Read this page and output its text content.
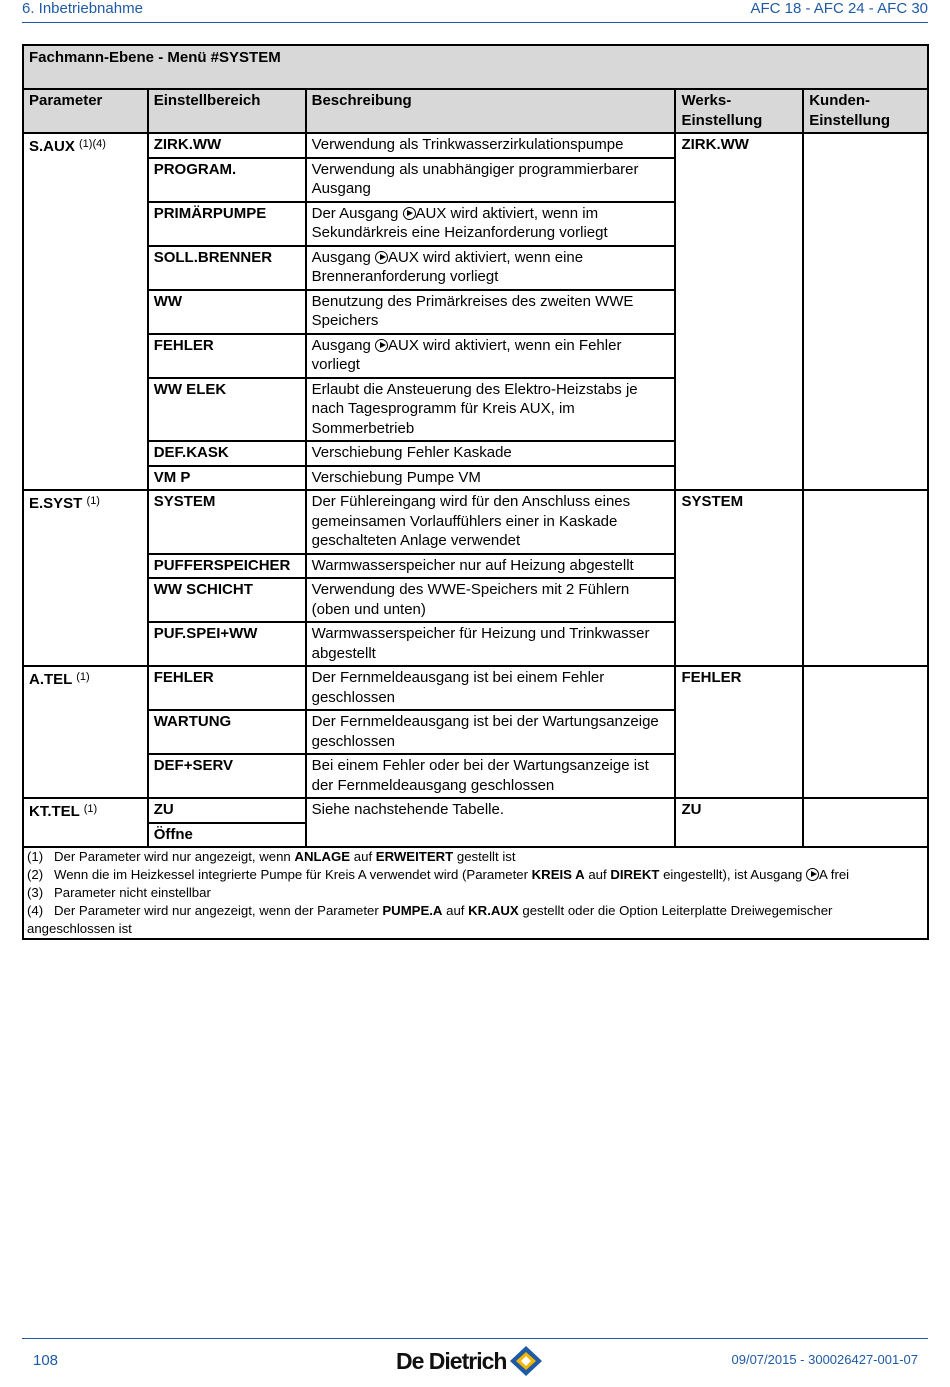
6. Inbetriebnahme	AFC 18 - AFC 24 - AFC 30
Fachmann-Ebene - Menü #SYSTEM				
Parameter	Einstellbereich	Beschreibung	Werks-Einstellung	Kunden-Einstellung
S.AUX $^{(1)(4)}$	ZIRK.WW	Verwendung als Trinkwasserzirkulationspumpe	ZIRK.WW	
	PROGRAM.	Verwendung als unabhängiger programmierbarer Ausgang		
	PRIMÄRPUMPE	Der Ausgang AUX wird aktiviert, wenn im Sekundärkreis eine Heizanforderung vorliegt		
	SOLL.BRENNER	Ausgang AUX wird aktiviert, wenn eine Brenneranforderung vorliegt		
	WW	Benutzung des Primärkreises des zweiten WWE Speichers		
	FEHLER	Ausgang AUX wird aktiviert, wenn ein Fehler vorliegt		
	WW ELEK	Erlaubt die Ansteuerung des Elektro-Heizstabs je nach Tagesprogramm für Kreis AUX, im Sommerbetrieb		
	DEF.KASK	Verschiebung Fehler Kaskade		
	VM P	Verschiebung Pumpe VM		
E.SYST $^{(1)}$	SYSTEM	Der Fühlereingang wird für den Anschluss eines gemeinsamen Vorlauffühlers einer in Kaskade geschalteten Anlage verwendet	SYSTEM	
	PUFFERSPEICHER	Warmwasserspeicher nur auf Heizung abgestellt		
	WW SCHICHT	Verwendung des WWE-Speichers mit 2 Fühlern (oben und unten)		
	PUF.SPEI+WW	Warmwasserspeicher für Heizung und Trinkwasser abgestellt		
A.TEL $^{(1)}$	FEHLER	Der Fernmeldeausgang ist bei einem Fehler geschlossen	FEHLER	
	WARTUNG	Der Fernmeldeausgang ist bei der Wartungsanzeige geschlossen		
	DEF+SERV	Bei einem Fehler oder bei der Wartungsanzeige ist der Fernmeldeausgang geschlossen		
KT.TEL $^{(1)}$	ZU	Siehe nachstehende Tabelle.	ZU	
	Öffne			

(1) Der Parameter wird nur angezeigt, wenn ANLAGE auf ERWEITERT gestellt ist
(2) Wenn die im Heizkessel integrierte Pumpe für Kreis A verwendet wird (Parameter KREIS A auf DIREKT eingestellt), ist Ausgang A frei
(3) Parameter nicht einstellbar
(4) Der Parameter wird nur angezeigt, wenn der Parameter PUMPE.A auf KR.AUX gestellt oder die Option Leiterplatte Dreiwegemischer angeschlossen ist				
108	De Dietrich	09/07/2015 - 300026427-001-07
